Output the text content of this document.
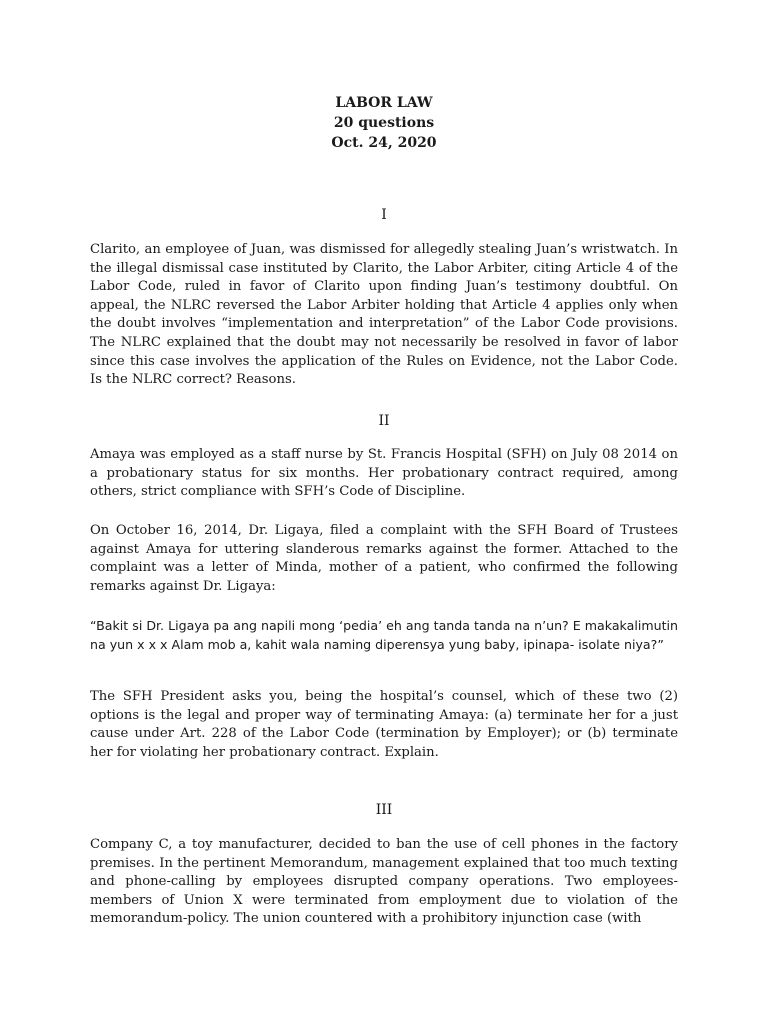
LABOR LAW
20 questions
Oct. 24, 2020
I

Clarito, an employee of Juan, was dismissed for allegedly stealing Juan’s wristwatch. In the illegal dismissal case instituted by Clarito, the Labor Arbiter, citing Article 4 of the Labor Code, ruled in favor of Clarito upon finding Juan’s testimony doubtful. On appeal, the NLRC reversed the Labor Arbiter holding that Article 4 applies only when the doubt involves “implementation and interpretation” of the Labor Code provisions. The NLRC explained that the doubt may not necessarily be resolved in favor of labor since this case involves the application of the Rules on Evidence, not the Labor Code. Is the NLRC correct? Reasons.

II

Amaya was employed as a staff nurse by St. Francis Hospital (SFH) on July 08 2014 on a probationary status for six months. Her probationary contract required, among others, strict compliance with SFH’s Code of Discipline.

On October 16, 2014, Dr. Ligaya, filed a complaint with the SFH Board of Trustees against Amaya for uttering slanderous remarks against the former. Attached to the complaint was a letter of Minda, mother of a patient, who confirmed the following remarks against Dr. Ligaya:

“Bakit si Dr. Ligaya pa ang napili mong ‘pedia’ eh ang tanda tanda na n’un? E makakalimutin na yun x x x Alam mob a, kahit wala naming diperensya yung baby, ipinapa- isolate niya?”

The SFH President asks you, being the hospital’s counsel, which of these two (2) options is the legal and proper way of terminating Amaya: (a) terminate her for a just cause under Art. 228 of the Labor Code (termination by Employer); or (b) terminate her for violating her probationary contract. Explain.

III

Company C, a toy manufacturer, decided to ban the use of cell phones in the factory premises. In the pertinent Memorandum, management explained that too much texting and phone-calling by employees disrupted company operations. Two employees-members of Union X were terminated from employment due to violation of the memorandum-policy. The union countered with a prohibitory injunction case (with
